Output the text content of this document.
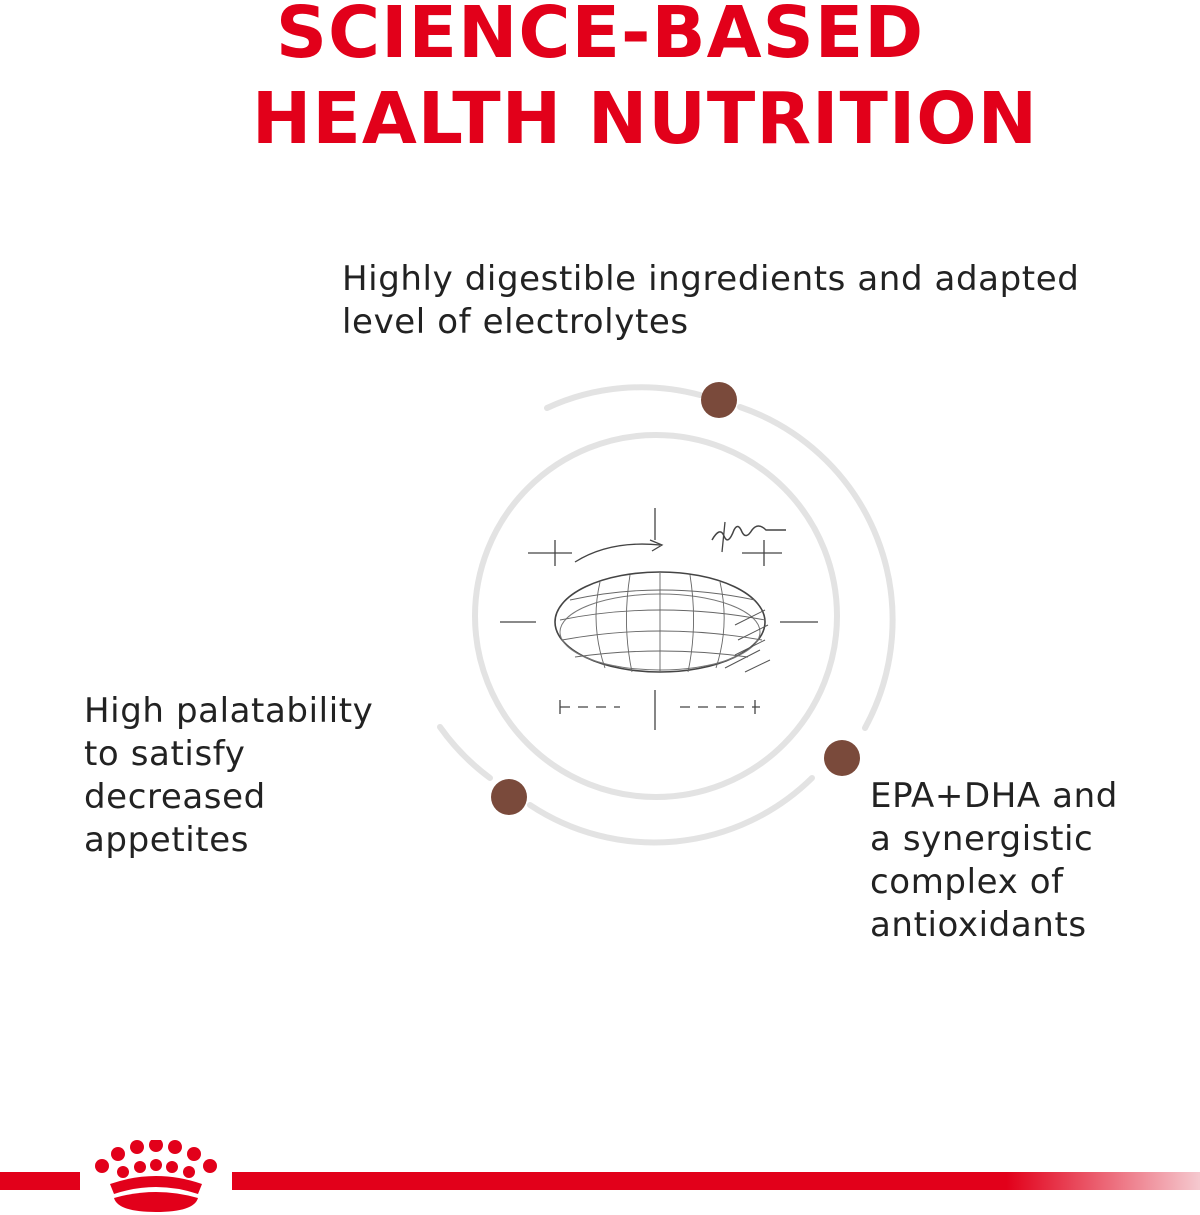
SCIENCE-BASED
HEALTH NUTRITION

Highly digestible ingredients and adapted
level of electrolytes

High palatability
to satisfy
decreased
appetites

EPA+DHA and
a synergistic
complex of
antioxidants
